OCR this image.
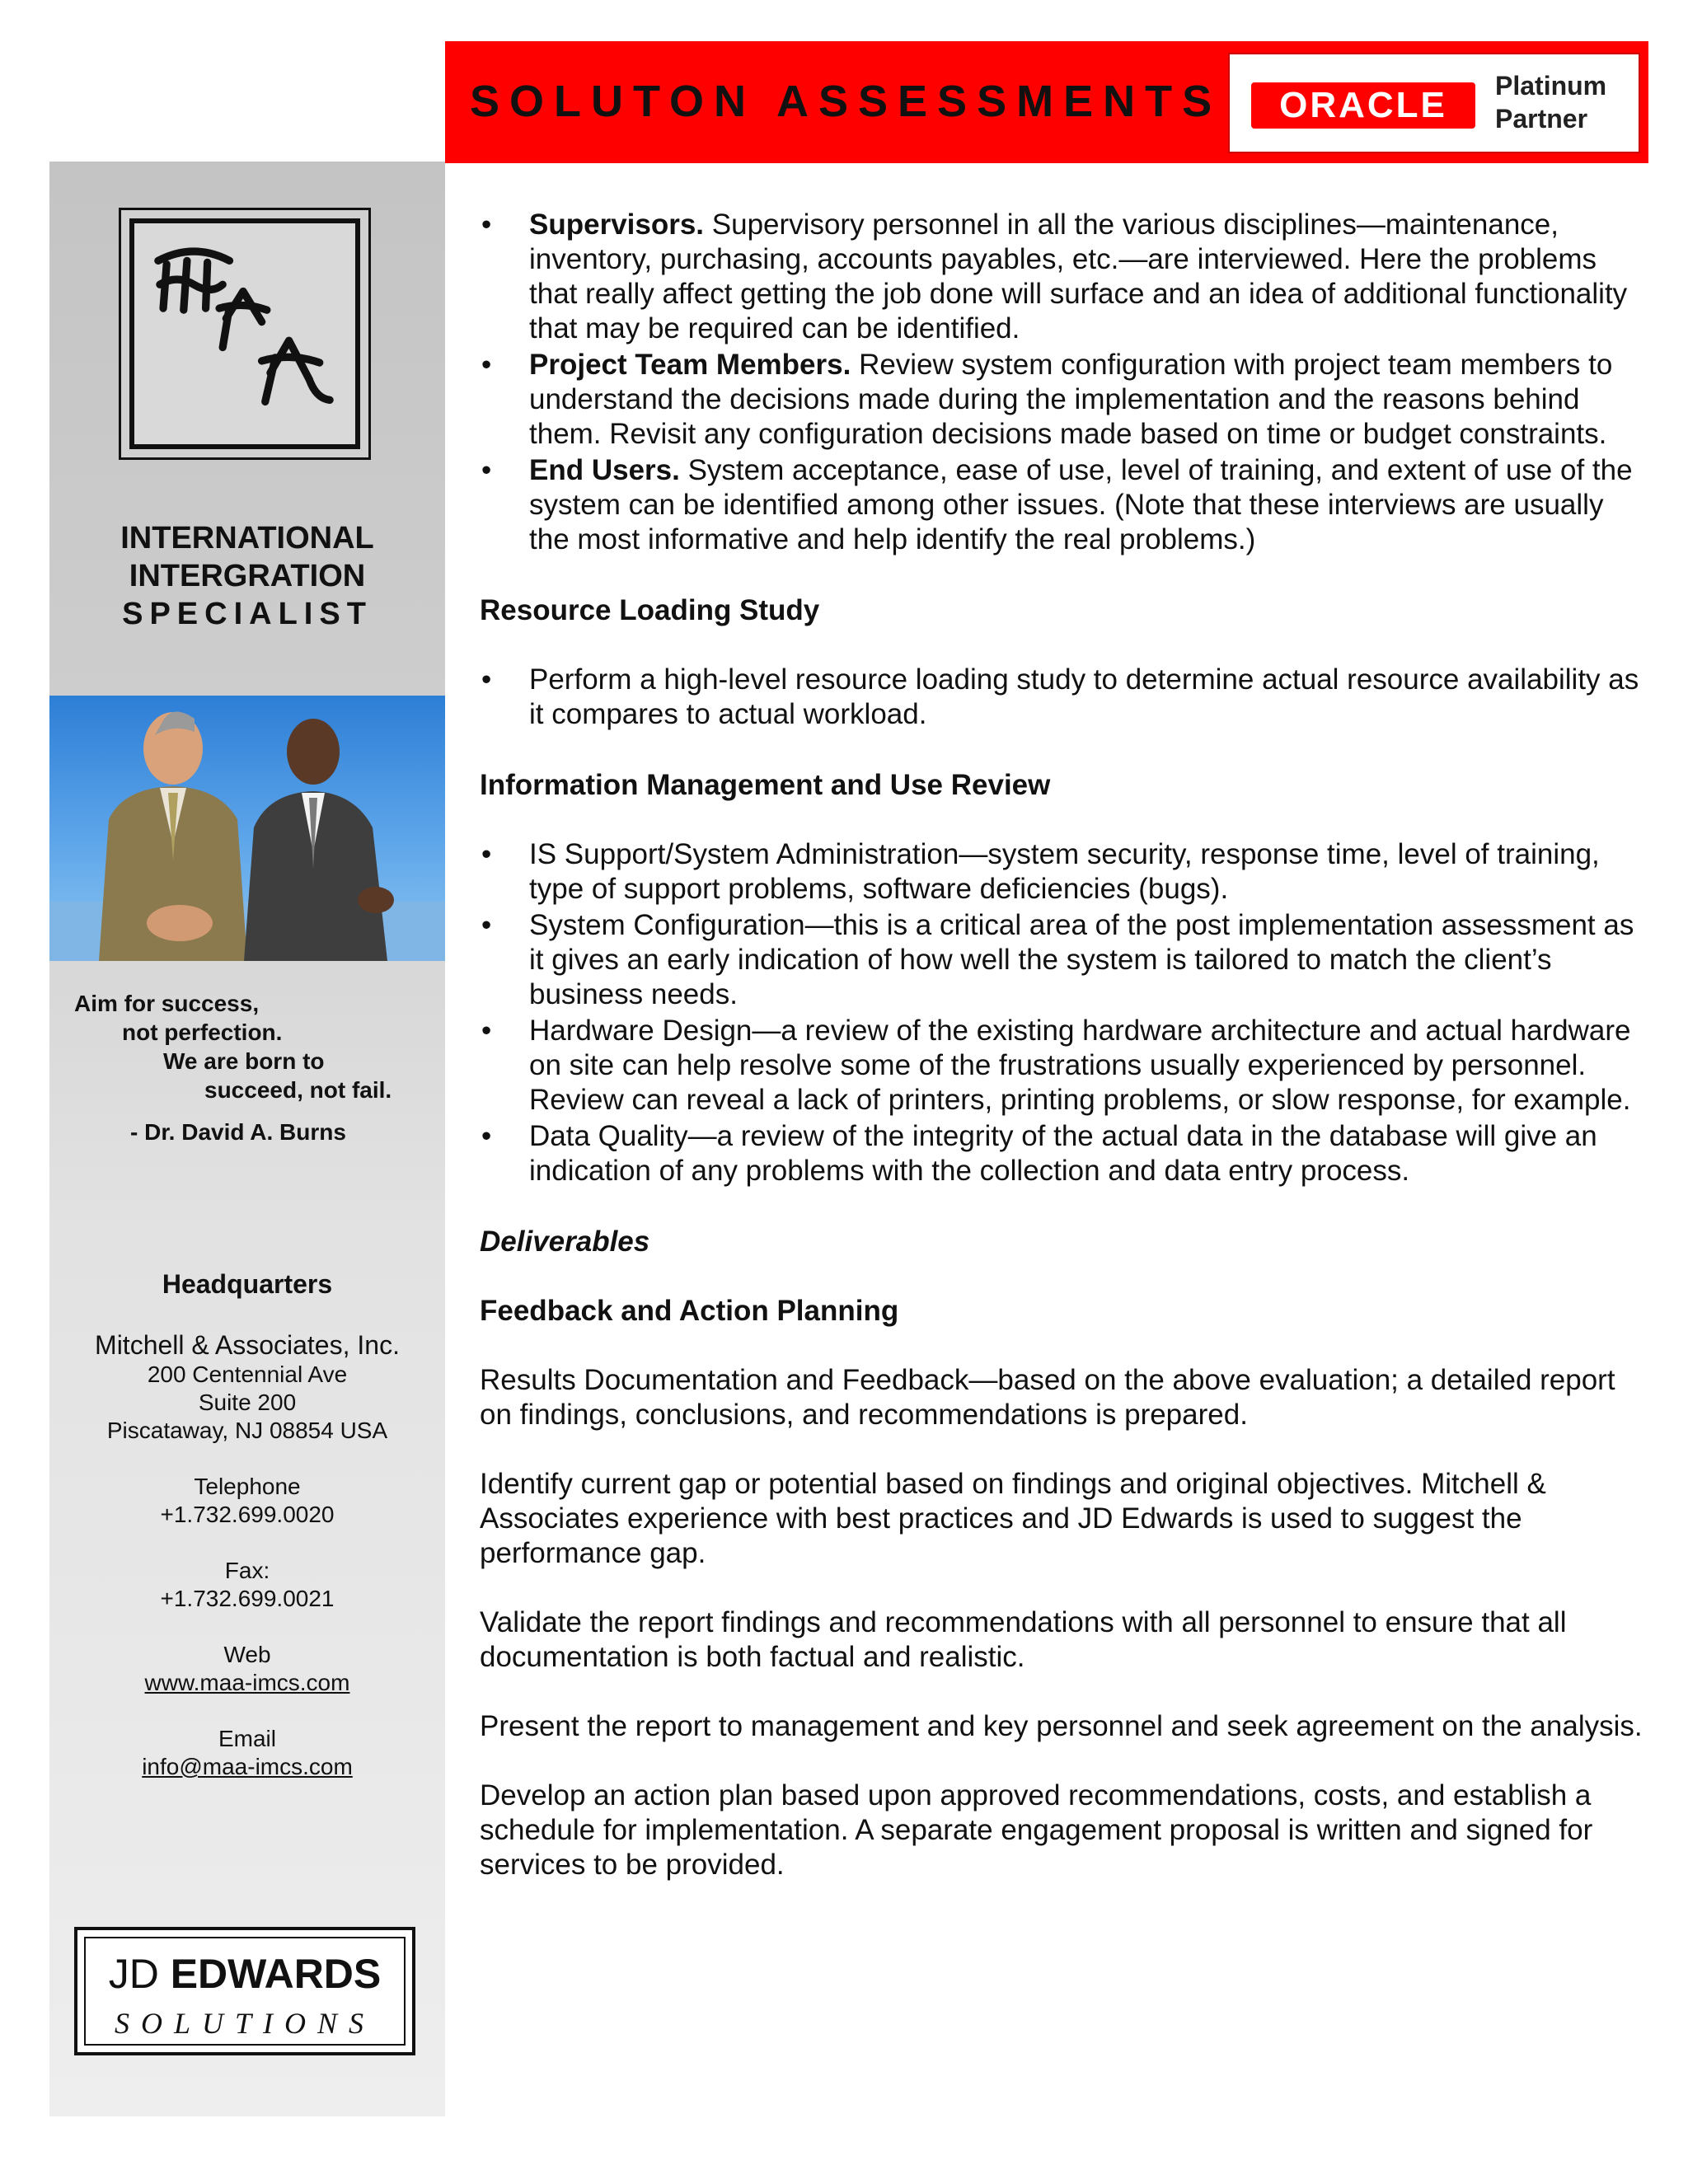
SOLUTON ASSESSMENTS	ORACLE	Platinum
Partner
INTERNATIONAL
INTERGRATION
SPECIALIST
Aim for success,
not perfection.
We are born to
succeed, not fail.
- Dr. David A. Burns
Headquarters
Mitchell & Associates, Inc.
200 Centennial Ave
Suite 200
Piscataway, NJ 08854 USA
Telephone
+1.732.699.0020
Fax:
+1.732.699.0021
Web
www.maa-imcs.com
Email
info@maa-imcs.com
JD EDWARDS
SOLUTIONS
• Supervisors. Supervisory personnel in all the various disciplines—maintenance, inventory, purchasing, accounts payables, etc.—are interviewed. Here the problems that really affect getting the job done will surface and an idea of additional functionality that may be required can be identified.
• Project Team Members. Review system configuration with project team members to understand the decisions made during the implementation and the reasons behind them. Revisit any configuration decisions made based on time or budget constraints.
• End Users. System acceptance, ease of use, level of training, and extent of use of the system can be identified among other issues. (Note that these interviews are usually the most informative and help identify the real problems.)
Resource Loading Study
• Perform a high-level resource loading study to determine actual resource availability as it compares to actual workload.
Information Management and Use Review
• IS Support/System Administration—system security, response time, level of training, type of support problems, software deficiencies (bugs).
• System Configuration—this is a critical area of the post implementation assessment as it gives an early indication of how well the system is tailored to match the client’s business needs.
• Hardware Design—a review of the existing hardware architecture and actual hardware on site can help resolve some of the frustrations usually experienced by personnel. Review can reveal a lack of printers, printing problems, or slow response, for example.
• Data Quality—a review of the integrity of the actual data in the database will give an indication of any problems with the collection and data entry process.
Deliverables
Feedback and Action Planning

Results Documentation and Feedback—based on the above evaluation; a detailed report on findings, conclusions, and recommendations is prepared.

Identify current gap or potential based on findings and original objectives. Mitchell & Associates experience with best practices and JD Edwards is used to suggest the performance gap.

Validate the report findings and recommendations with all personnel to ensure that all documentation is both factual and realistic.

Present the report to management and key personnel and seek agreement on the analysis.

Develop an action plan based upon approved recommendations, costs, and establish a schedule for implementation. A separate engagement proposal is written and signed for services to be provided.
